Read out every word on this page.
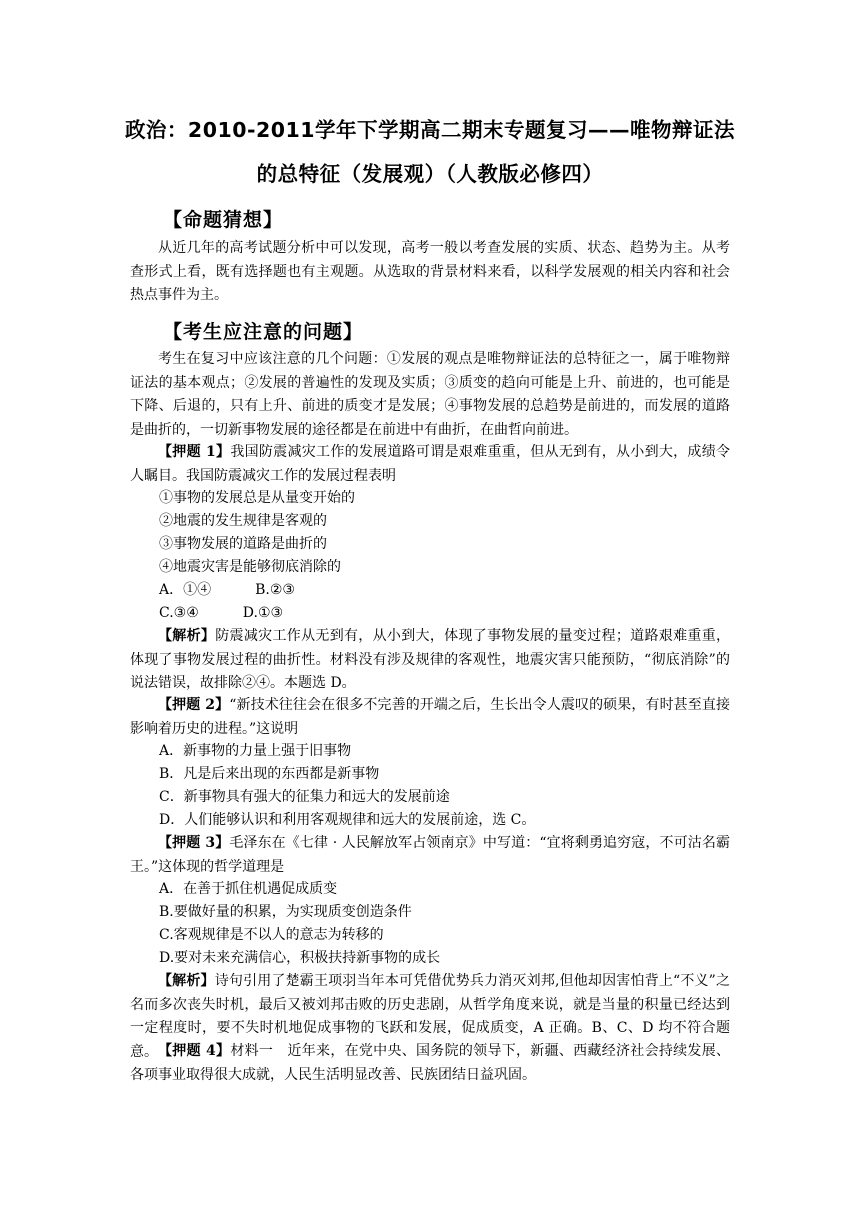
政治：2010-2011学年下学期高二期末专题复习——唯物辩证法
的总特征（发展观）（人教版必修四）
【命题猜想】

从近几年的高考试题分析中可以发现，高考一般以考查发展的实质、状态、趋势为主。从考查形式上看，既有选择题也有主观题。从选取的背景材料来看，以科学发展观的相关内容和社会热点事件为主。

【考生应注意的问题】

考生在复习中应该注意的几个问题：①发展的观点是唯物辩证法的总特征之一，属于唯物辩证法的基本观点；②发展的普遍性的发现及实质；③质变的趋向可能是上升、前进的，也可能是下降、后退的，只有上升、前进的质变才是发展；④事物发展的总趋势是前进的，而发展的道路是曲折的，一切新事物发展的途径都是在前进中有曲折，在曲哲向前进。

【押题 1】我国防震减灾工作的发展道路可谓是艰难重重，但从无到有，从小到大，成绩令人瞩目。我国防震减灾工作的发展过程表明

①事物的发展总是从量变开始的
②地震的发生规律是客观的
③事物发展的道路是曲折的
④地震灾害是能够彻底消除的
A．①④	B.②③
C.③④	D.①③

【解析】防震减灾工作从无到有，从小到大，体现了事物发展的量变过程；道路艰难重重，体现了事物发展过程的曲折性。材料没有涉及规律的客观性，地震灾害只能预防，“彻底消除”的说法错误，故排除②④。本题选 D。

【押题 2】“新技术往往会在很多不完善的开端之后，生长出令人震叹的硕果，有时甚至直接影响着历史的进程。”这说明

A．新事物的力量上强于旧事物
B．凡是后来出现的东西都是新事物
C．新事物具有强大的征集力和远大的发展前途
D．人们能够认识和利用客观规律和远大的发展前途，选 C。

【押题 3】毛泽东在《七律 · 人民解放军占领南京》中写道：“宜将剩勇追穷寇，不可沽名霸王。”这体现的哲学道理是

A．在善于抓住机遇促成质变
B.要做好量的积累，为实现质变创造条件
C.客观规律是不以人的意志为转移的
D.要对未来充满信心，积极扶持新事物的成长

【解析】诗句引用了楚霸王项羽当年本可凭借优势兵力消灭刘邦,但他却因害怕背上“不义”之名而多次丧失时机，最后又被刘邦击败的历史悲剧，从哲学角度来说，就是当量的积量已经达到一定程度时，要不失时机地促成事物的飞跃和发展，促成质变，A 正确。B、C、D 均不符合题意。 【押题 4】材料一　近年来，在党中央、国务院的领导下，新疆、西藏经济社会持续发展、各项事业取得很大成就，人民生活明显改善、民族团结日益巩固。
